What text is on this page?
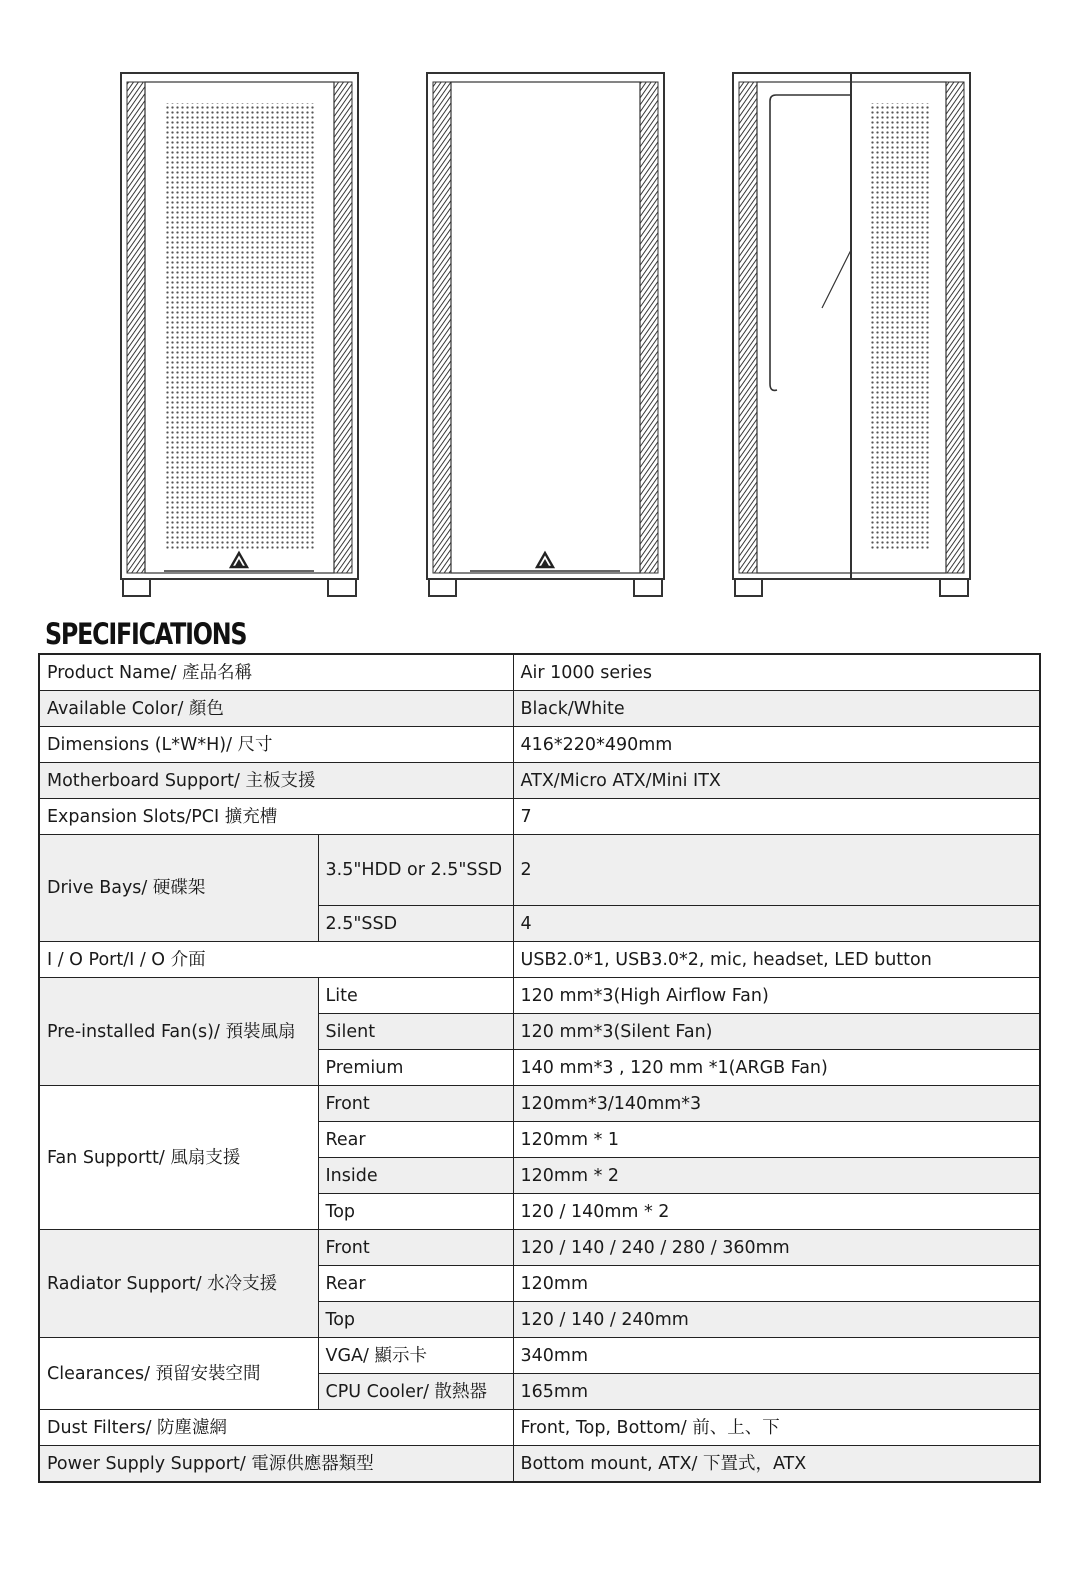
SPECIFICATIONS
Product Name/ 產品名稱		Air 1000 series
Available Color/ 顏色		Black/White
Dimensions (L*W*H)/ 尺寸		416*220*490mm
Motherboard Support/ 主板支援		ATX/Micro ATX/Mini ITX
Expansion Slots/PCI 擴充槽		7
Drive Bays/ 硬碟架	3.5"HDD or 2.5"SSD	2
	2.5"SSD	4
I / O Port/I / O 介面		USB2.0*1, USB3.0*2, mic, headset, LED button
Pre-installed Fan(s)/ 預裝風扇	Lite	120 mm*3(High Airflow Fan)
	Silent	120 mm*3(Silent Fan)
	Premium	140 mm*3 , 120 mm *1(ARGB Fan)
Fan Supportt/ 風扇支援	Front	120mm*3/140mm*3
	Rear	120mm * 1
	Inside	120mm * 2
	Top	120 / 140mm * 2
Radiator Support/ 水冷支援	Front	120 / 140 / 240 / 280 / 360mm
	Rear	120mm
	Top	120 / 140 / 240mm
Clearances/ 預留安裝空間	VGA/ 顯示卡	340mm
	CPU Cooler/ 散熱器	165mm
Dust Filters/ 防塵濾網		Front, Top, Bottom/ 前、上、下
Power Supply Support/ 電源供應器類型		Bottom mount, ATX/ 下置式，ATX
